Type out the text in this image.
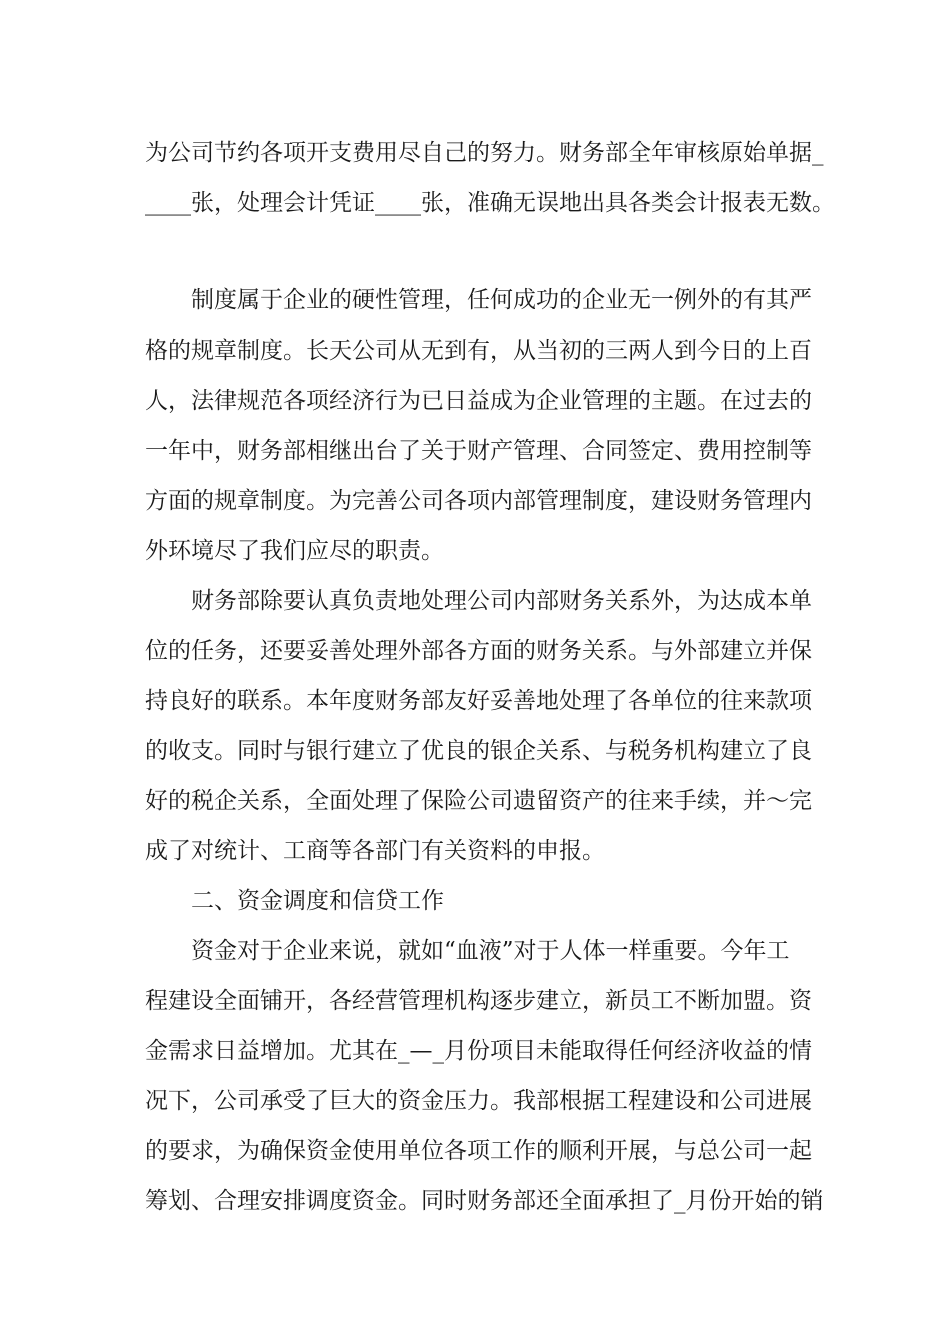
为公司节约各项开支费用尽自己的努力。财务部全年审核原始单据_
____张，处理会计凭证____张，准确无误地出具各类会计报表无数。
　　制度属于企业的硬性管理，任何成功的企业无一例外的有其严
格的规章制度。长天公司从无到有，从当初的三两人到今日的上百
人，法律规范各项经济行为已日益成为企业管理的主题。在过去的
一年中，财务部相继出台了关于财产管理、合同签定、费用控制等
方面的规章制度。为完善公司各项内部管理制度，建设财务管理内
外环境尽了我们应尽的职责。
　　财务部除要认真负责地处理公司内部财务关系外，为达成本单
位的任务，还要妥善处理外部各方面的财务关系。与外部建立并保
持良好的联系。本年度财务部友好妥善地处理了各单位的往来款项
的收支。同时与银行建立了优良的银企关系、与税务机构建立了良
好的税企关系，全面处理了保险公司遗留资产的往来手续，并～完
成了对统计、工商等各部门有关资料的申报。
　　二、资金调度和信贷工作
　　资金对于企业来说，就如“血液”对于人体一样重要。今年工
程建设全面铺开，各经营管理机构逐步建立，新员工不断加盟。资
金需求日益增加。尤其在_—_月份项目未能取得任何经济收益的情
况下，公司承受了巨大的资金压力。我部根据工程建设和公司进展
的要求，为确保资金使用单位各项工作的顺利开展，与总公司一起
筹划、合理安排调度资金。同时财务部还全面承担了_月份开始的销
